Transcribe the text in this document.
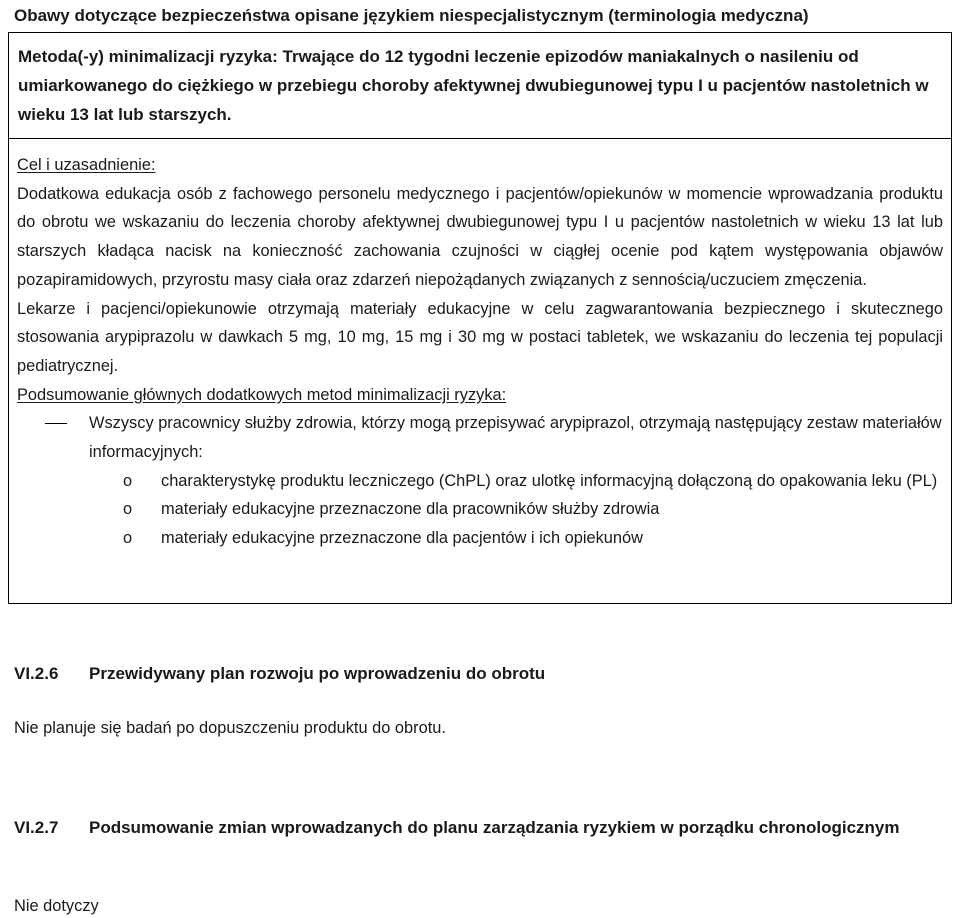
Obawy dotyczące bezpieczeństwa opisane językiem niespecjalistycznym (terminologia medyczna)

Metoda(-y) minimalizacji ryzyka: Trwające do 12 tygodni leczenie epizodów maniakalnych o nasileniu od umiarkowanego do ciężkiego w przebiegu choroby afektywnej dwubiegunowej typu I u pacjentów nastoletnich w wieku 13 lat lub starszych.

Cel i uzasadnienie:

Dodatkowa edukacja osób z fachowego personelu medycznego i pacjentów/opiekunów w momencie wprowadzania produktu do obrotu we wskazaniu do leczenia choroby afektywnej dwubiegunowej typu I u pacjentów nastoletnich w wieku 13 lat lub starszych kładąca nacisk na konieczność zachowania czujności w ciągłej ocenie pod kątem występowania objawów pozapiramidowych, przyrostu masy ciała oraz zdarzeń niepożądanych związanych z sennością/uczuciem zmęczenia.

Lekarze i pacjenci/opiekunowie otrzymają materiały edukacyjne w celu zagwarantowania bezpiecznego i skutecznego stosowania arypiprazolu w dawkach 5 mg, 10 mg, 15 mg i 30 mg w postaci tabletek, we wskazaniu do leczenia tej populacji pediatrycznej.

Podsumowanie głównych dodatkowych metod minimalizacji ryzyka:

Wszyscy pracownicy służby zdrowia, którzy mogą przepisywać arypiprazol, otrzymają następujący zestaw materiałów informacyjnych:

o charakterystykę produktu leczniczego (ChPL) oraz ulotkę informacyjną dołączoną do opakowania leku (PL)

o materiały edukacyjne przeznaczone dla pracowników służby zdrowia

o materiały edukacyjne przeznaczone dla pacjentów i ich opiekunów

VI.2.6 Przewidywany plan rozwoju po wprowadzeniu do obrotu

Nie planuje się badań po dopuszczeniu produktu do obrotu.

VI.2.7 Podsumowanie zmian wprowadzanych do planu zarządzania ryzykiem w porządku chronologicznym

Nie dotyczy
